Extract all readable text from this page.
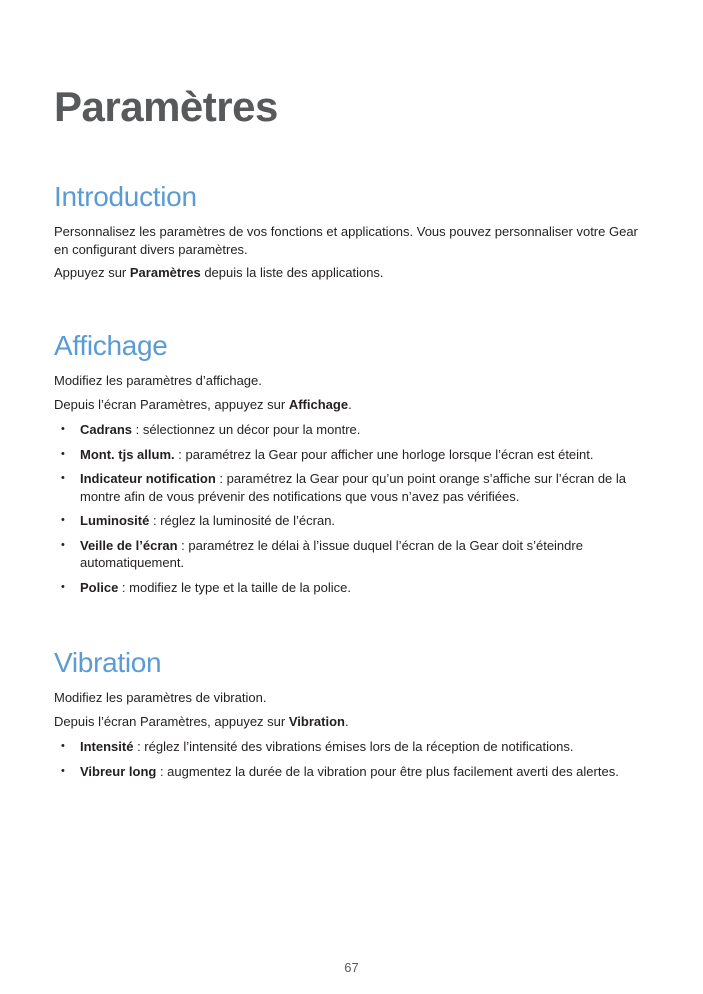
Paramètres
Introduction

Personnalisez les paramètres de vos fonctions et applications. Vous pouvez personnaliser votre Gear en configurant divers paramètres.

Appuyez sur Paramètres depuis la liste des applications.

Affichage

Modifiez les paramètres d’affichage.

Depuis l’écran Paramètres, appuyez sur Affichage.

• Cadrans : sélectionnez un décor pour la montre.
• Mont. tjs allum. : paramétrez la Gear pour afficher une horloge lorsque l’écran est éteint.
• Indicateur notification : paramétrez la Gear pour qu’un point orange s’affiche sur l’écran de la montre afin de vous prévenir des notifications que vous n’avez pas vérifiées.
• Luminosité : réglez la luminosité de l’écran.
• Veille de l’écran : paramétrez le délai à l’issue duquel l’écran de la Gear doit s’éteindre automatiquement.
• Police : modifiez le type et la taille de la police.
Vibration

Modifiez les paramètres de vibration.

Depuis l’écran Paramètres, appuyez sur Vibration.

• Intensité : réglez l’intensité des vibrations émises lors de la réception de notifications.
• Vibreur long : augmentez la durée de la vibration pour être plus facilement averti des alertes.
67
